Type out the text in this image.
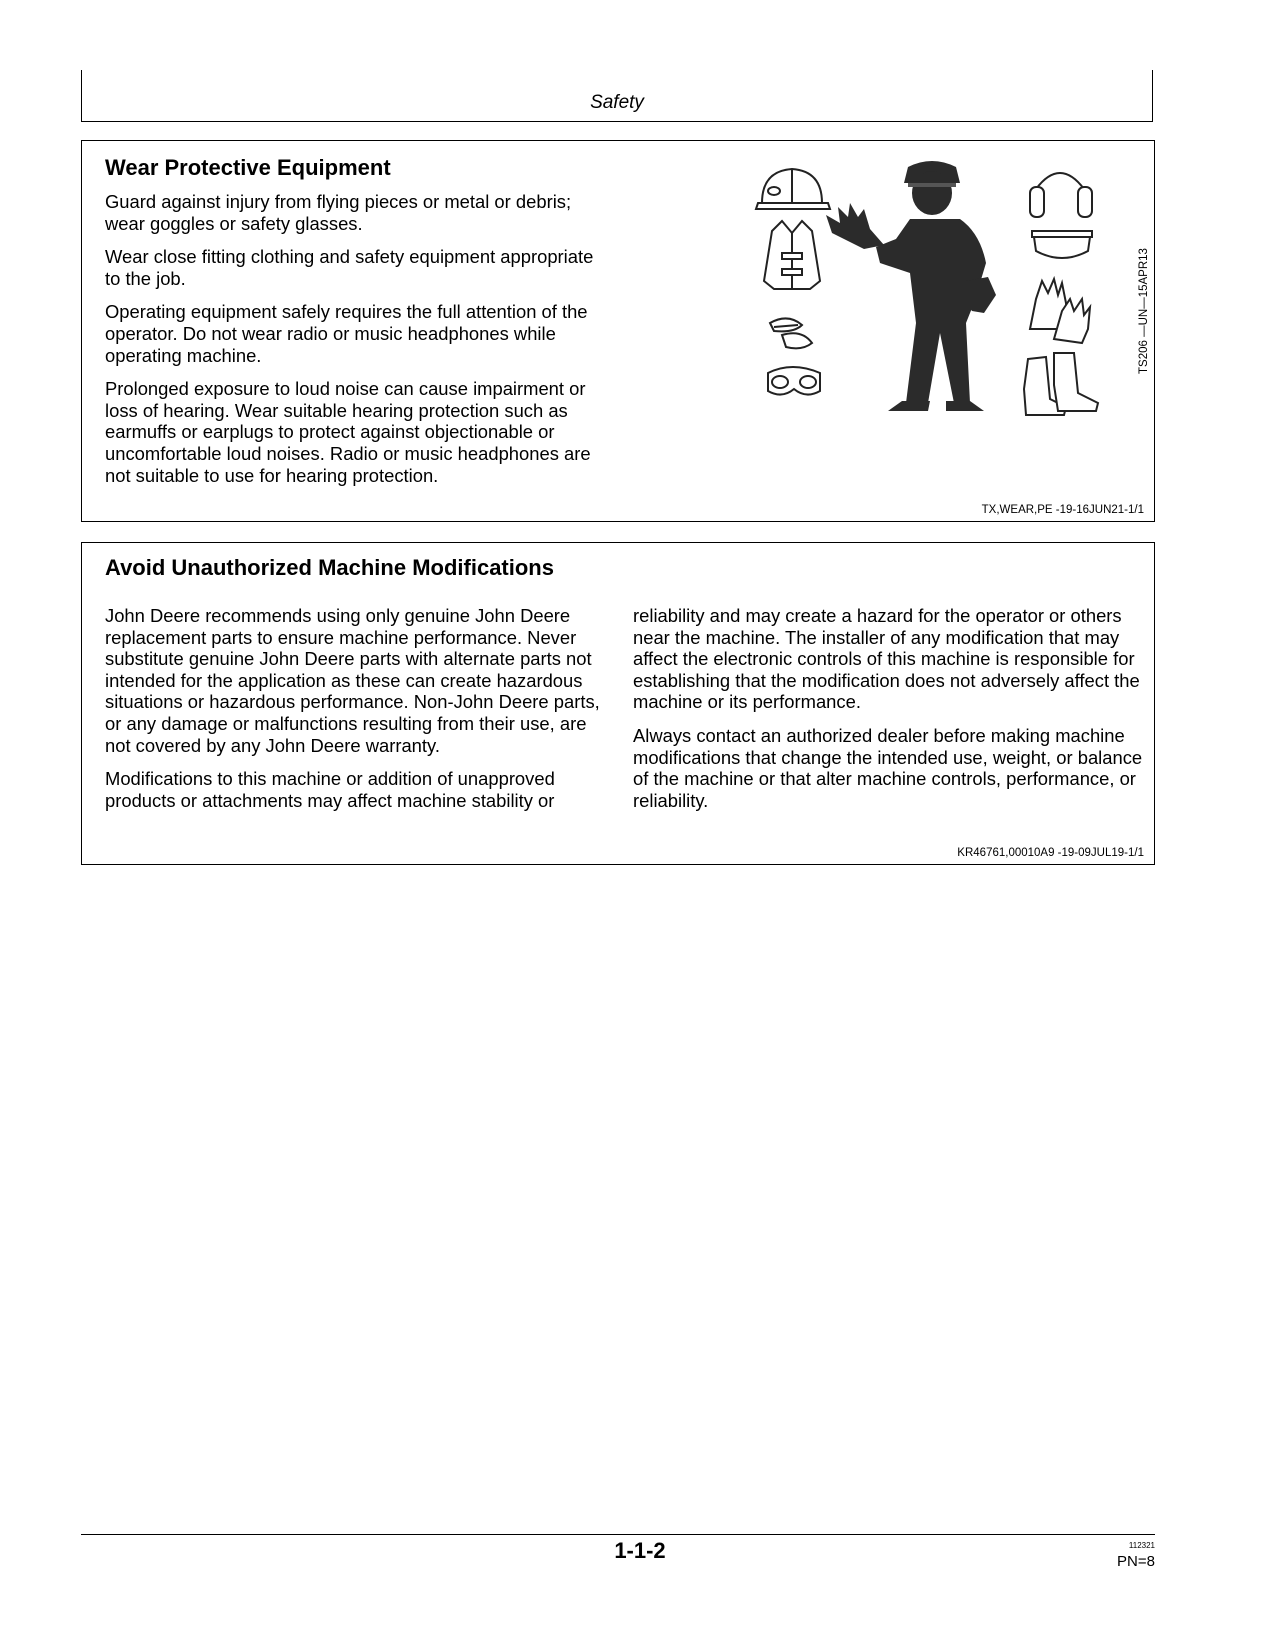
Safety
Wear Protective Equipment

Guard against injury from flying pieces or metal or debris; wear goggles or safety glasses.

Wear close fitting clothing and safety equipment appropriate to the job.

Operating equipment safely requires the full attention of the operator. Do not wear radio or music headphones while operating machine.

Prolonged exposure to loud noise can cause impairment or loss of hearing. Wear suitable hearing protection such as earmuffs or earplugs to protect against objectionable or uncomfortable loud noises. Radio or music headphones are not suitable to use for hearing protection.

TS206 —UN—15APR13
TX,WEAR,PE -19-16JUN21-1/1
Avoid Unauthorized Machine Modifications

John Deere recommends using only genuine John Deere replacement parts to ensure machine performance. Never substitute genuine John Deere parts with alternate parts not intended for the application as these can create hazardous situations or hazardous performance. Non-John Deere parts, or any damage or malfunctions resulting from their use, are not covered by any John Deere warranty.

Modifications to this machine or addition of unapproved products or attachments may affect machine stability or

reliability and may create a hazard for the operator or others near the machine. The installer of any modification that may affect the electronic controls of this machine is responsible for establishing that the modification does not adversely affect the machine or its performance.

Always contact an authorized dealer before making machine modifications that change the intended use, weight, or balance of the machine or that alter machine controls, performance, or reliability.

KR46761,00010A9 -19-09JUL19-1/1
1-1-2	112321
PN=8
